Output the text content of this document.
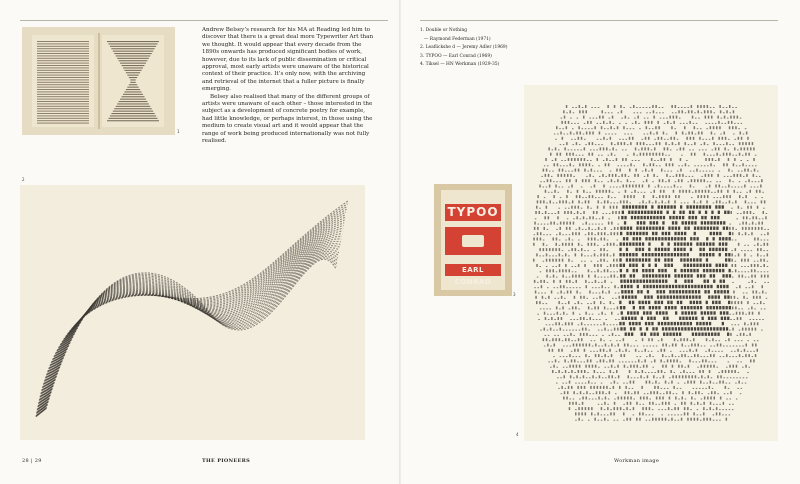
1

Andrew Belsey’s research for his MA at Reading led him to discover that there is a great deal more Typewriter Art than we thought. It would appear that every decade from the 1890s onwards has produced significant bodies of work, however, due to its lack of public dissemination or critical approval, most early artists were unaware of the historical context of their practice. It’s only now, with the archiving and retrieval of the internet that a fuller picture is finally emerging.

Belsey also realised that many of the different groups of artists were unaware of each other – those interested in the subject as a development of concrete poetry for example, had little knowledge, or perhaps interest, in those using the medium to create visual art and it would appear that the range of work being produced internationally was not fully realised.

2
28 | 29	THE PIONEERS
1. Double or Nothing
— Raymond Federman (1971)
2. Leaflickshe d — Jeremy Adler (1969)
3. TYPOO — Earl Conrad (1969)
4. Tiksel — HN Werkman (1929-35)
TYPOO
EARL CONRAD
3
4
Workman image
